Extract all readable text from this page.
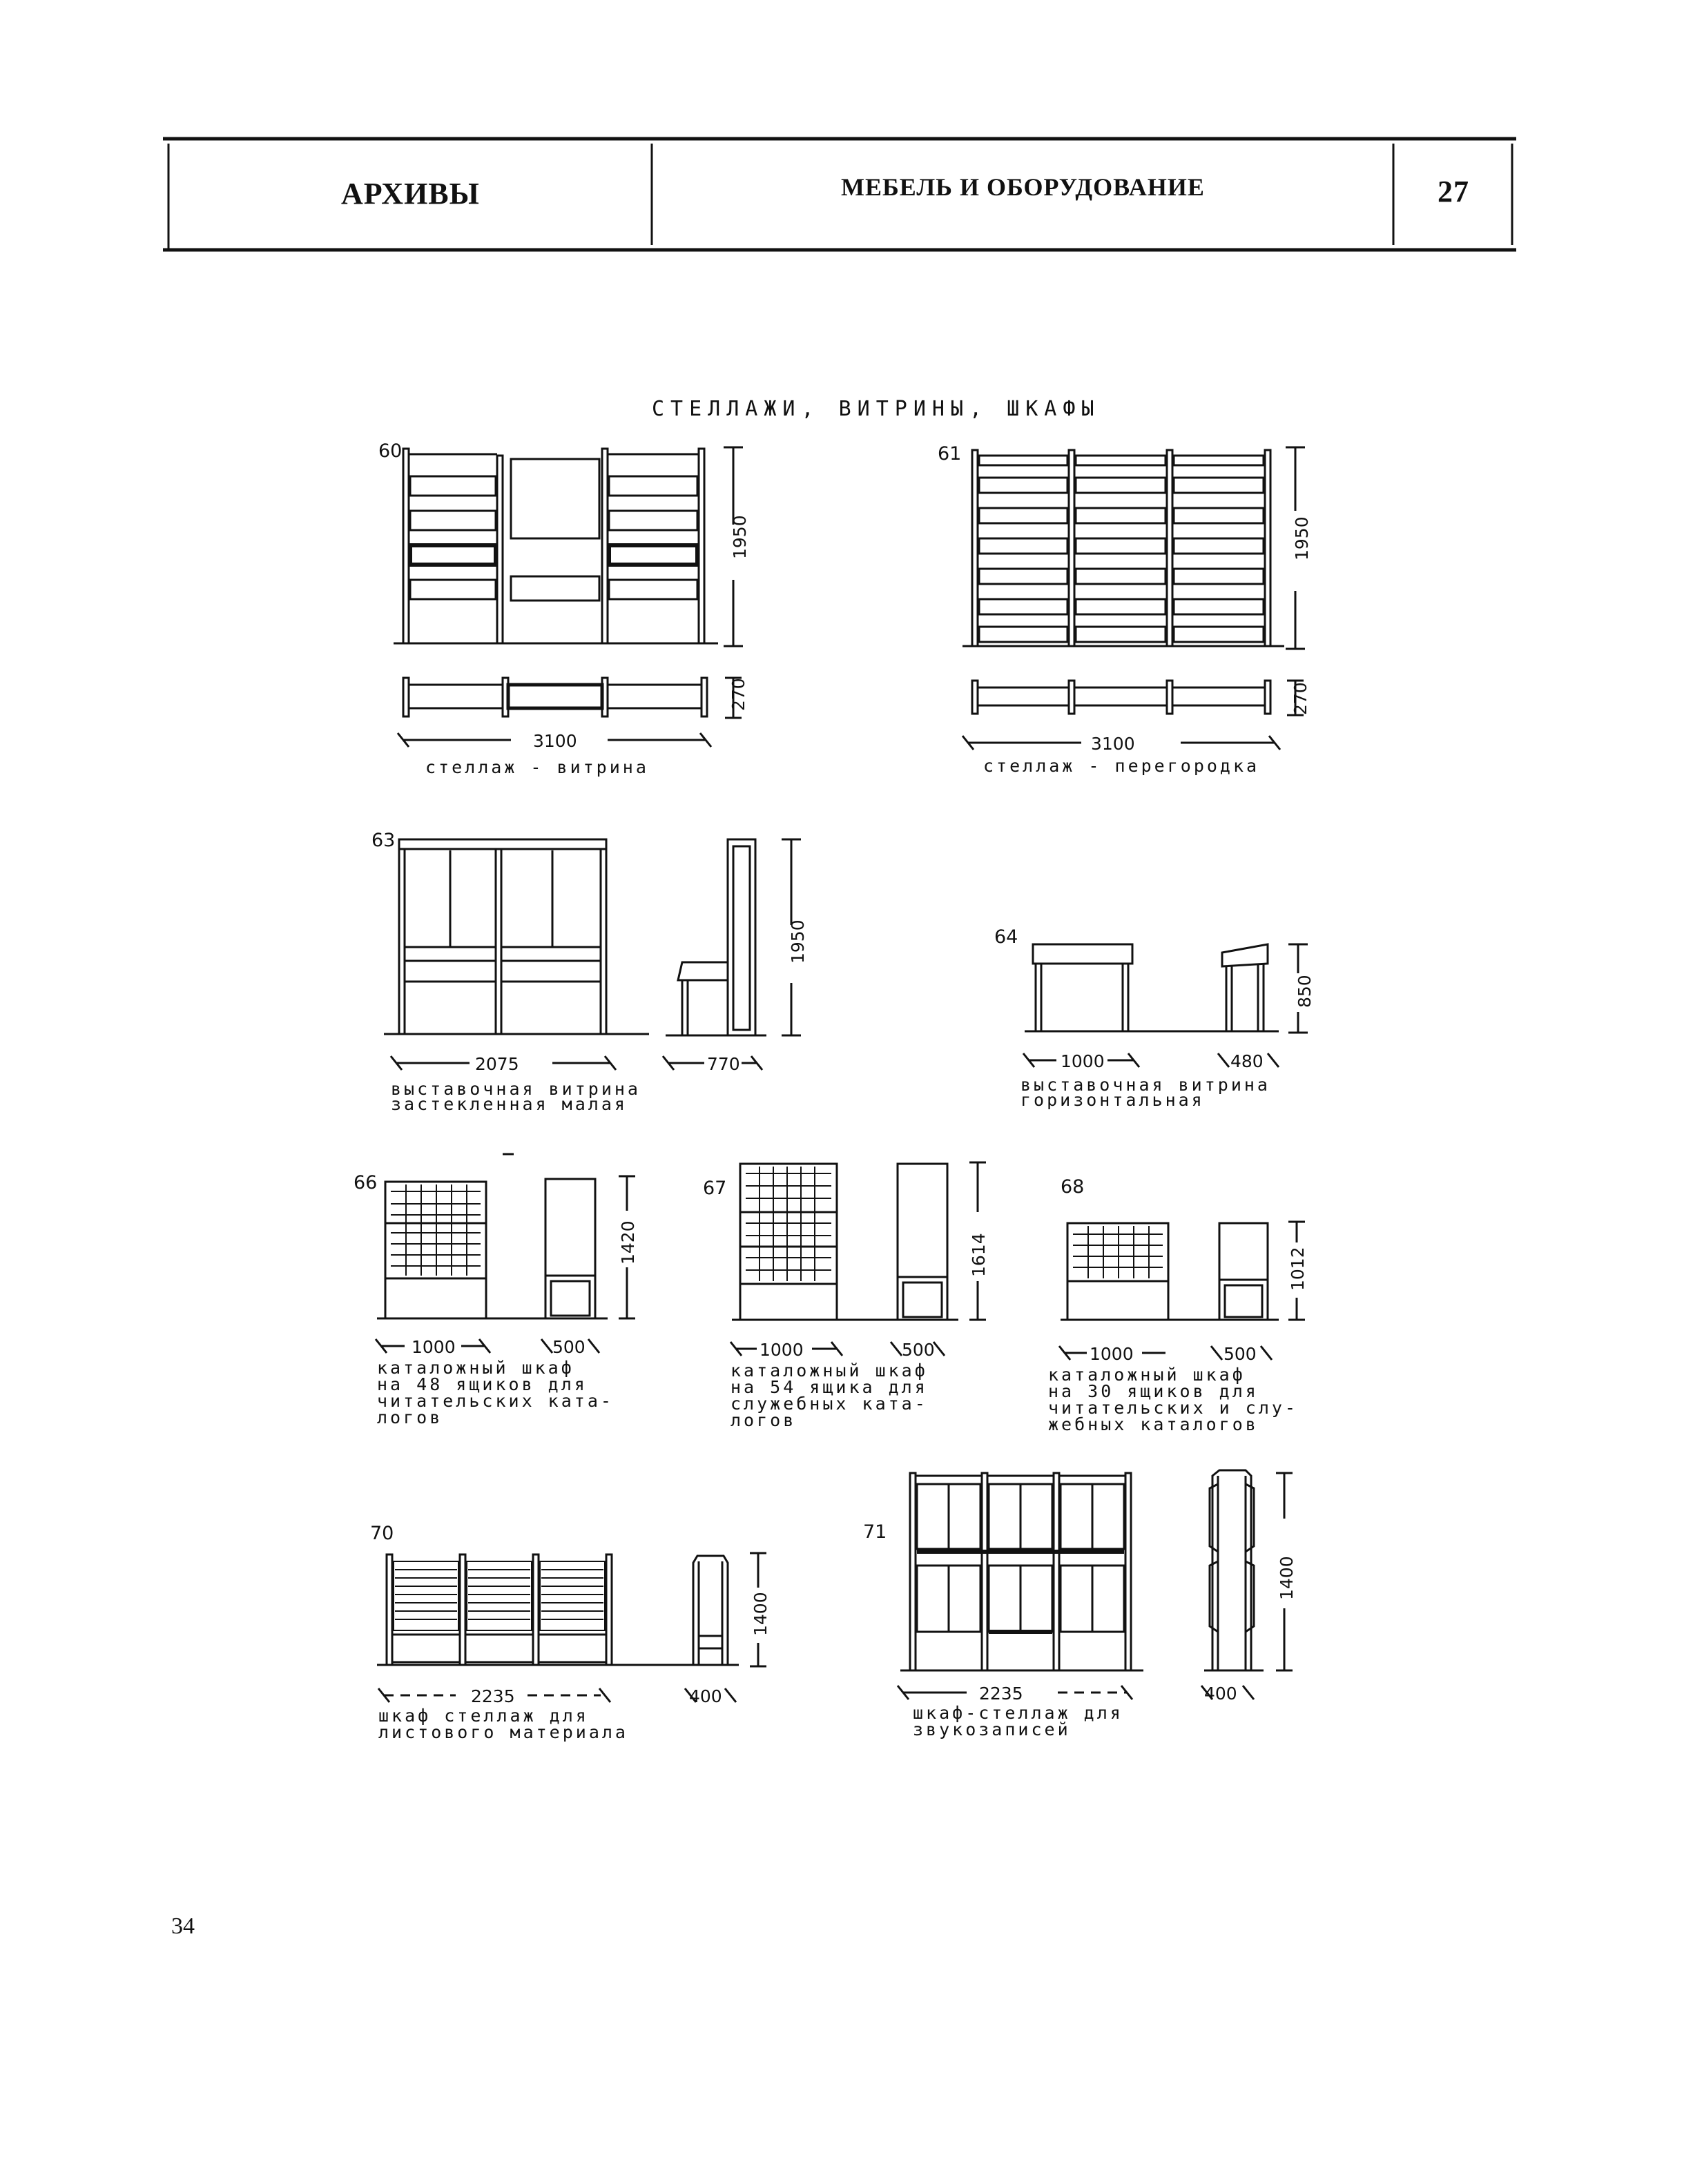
АРХИВЫ	МЕБЕЛЬ И ОБОРУДОВАНИЕ	27
СТЕЛЛАЖИ, ВИТРИНЫ, ШКАФЫ
60
1950
270
3100
стеллаж - витрина
61
1950
270
3100
стеллаж - перегородка
63
1950
2075	770
выставочная витрина
застекленная малая
64
850
1000	480
выставочная витрина
горизонтальная
66
1420
1000	500
каталожный шкаф
на 48 ящиков для
читательских ката-
логов
67
1614
1000	500
каталожный шкаф
на 54 ящика для
служебных ката-
логов
68
1012
1000	500
каталожный шкаф
на 30 ящиков для
читательских и слу-
жебных каталогов
70
1400
2235	400
шкаф стеллаж для
листового материала
71
1400
2235	400
шкаф-стеллаж для
звукозаписей
34
